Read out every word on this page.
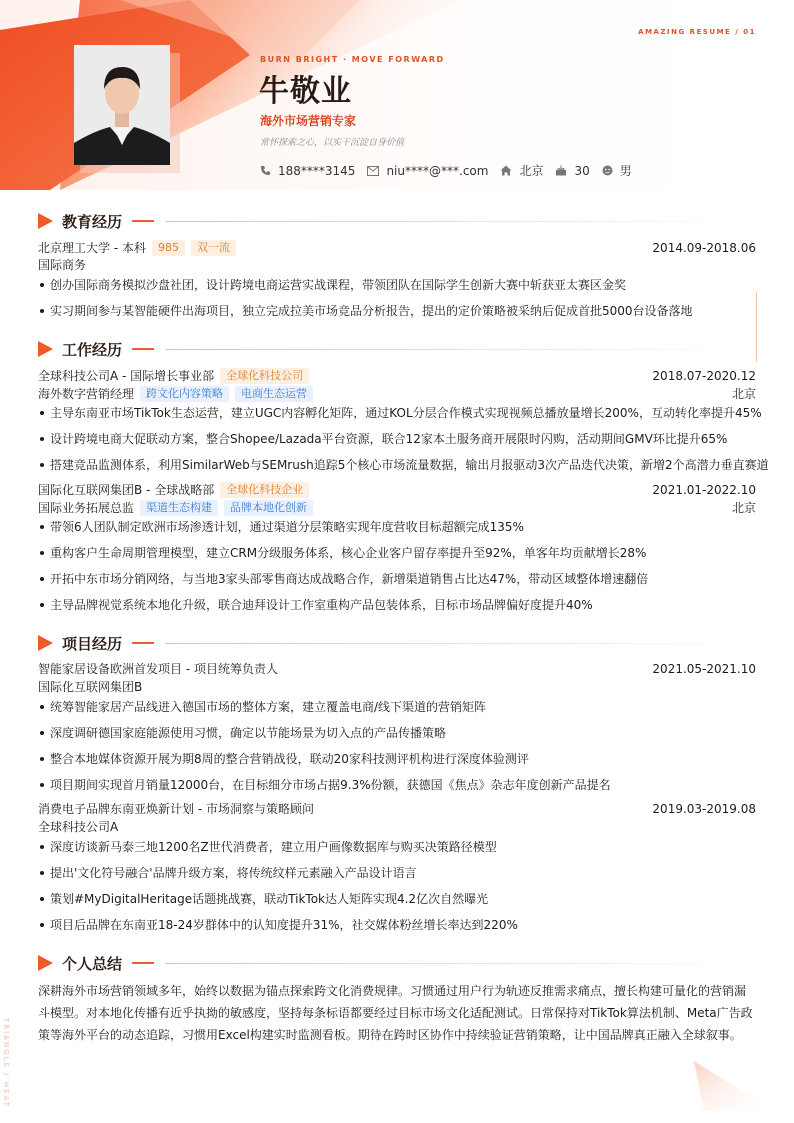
AMAZING RESUME / 01
BURN BRIGHT · MOVE FORWARD
牛敬业
海外市场营销专家
常怀探索之心，以实干沉淀自身价值
188****3145	niu****@***.com	北京	30	男
教育经历
北京理工大学 - 本科	985	双一流	2014.09-2018.06
国际商务
创办国际商务模拟沙盘社团，设计跨境电商运营实战课程，带领团队在国际学生创新大赛中斩获亚太赛区金奖
实习期间参与某智能硬件出海项目，独立完成拉美市场竞品分析报告，提出的定价策略被采纳后促成首批5000台设备落地
工作经历
全球科技公司A - 国际增长事业部	全球化科技公司	2018.07-2020.12
海外数字营销经理	跨文化内容策略	电商生态运营	北京
主导东南亚市场TikTok生态运营，建立UGC内容孵化矩阵，通过KOL分层合作模式实现视频总播放量增长200%，互动转化率提升45%
设计跨境电商大促联动方案，整合Shopee/Lazada平台资源，联合12家本土服务商开展限时闪购，活动期间GMV环比提升65%
搭建竞品监测体系，利用SimilarWeb与SEMrush追踪5个核心市场流量数据，输出月报驱动3次产品迭代决策，新增2个高潜力垂直赛道
国际化互联网集团B - 全球战略部	全球化科技企业	2021.01-2022.10
国际业务拓展总监	渠道生态构建	品牌本地化创新	北京
带领6人团队制定欧洲市场渗透计划，通过渠道分层策略实现年度营收目标超额完成135%
重构客户生命周期管理模型，建立CRM分级服务体系，核心企业客户留存率提升至92%，单客年均贡献增长28%
开拓中东市场分销网络，与当地3家头部零售商达成战略合作，新增渠道销售占比达47%，带动区域整体增速翻倍
主导品牌视觉系统本地化升级，联合迪拜设计工作室重构产品包装体系，目标市场品牌偏好度提升40%
项目经历
智能家居设备欧洲首发项目 - 项目统筹负责人	2021.05-2021.10
国际化互联网集团B
统筹智能家居产品线进入德国市场的整体方案，建立覆盖电商/线下渠道的营销矩阵
深度调研德国家庭能源使用习惯，确定以节能场景为切入点的产品传播策略
整合本地媒体资源开展为期8周的整合营销战役，联动20家科技测评机构进行深度体验测评
项目期间实现首月销量12000台，在目标细分市场占据9.3%份额，获德国《焦点》杂志年度创新产品提名
消费电子品牌东南亚焕新计划 - 市场洞察与策略顾问	2019.03-2019.08
全球科技公司A
深度访谈新马泰三地1200名Z世代消费者，建立用户画像数据库与购买决策路径模型
提出'文化符号融合'品牌升级方案，将传统纹样元素融入产品设计语言
策划#MyDigitalHeritage话题挑战赛，联动TikTok达人矩阵实现4.2亿次自然曝光
项目后品牌在东南亚18-24岁群体中的认知度提升31%，社交媒体粉丝增长率达到220%
个人总结
深耕海外市场营销领域多年，始终以数据为锚点探索跨文化消费规律。习惯通过用户行为轨迹反推需求痛点，擅长构建可量化的营销漏斗模型。对本地化传播有近乎执拗的敏感度，坚持每条标语都要经过目标市场文化适配测试。日常保持对TikTok算法机制、Meta广告政策等海外平台的动态追踪，习惯用Excel构建实时监测看板。期待在跨时区协作中持续验证营销策略，让中国品牌真正融入全球叙事。
TRIANGLE / HEAT
